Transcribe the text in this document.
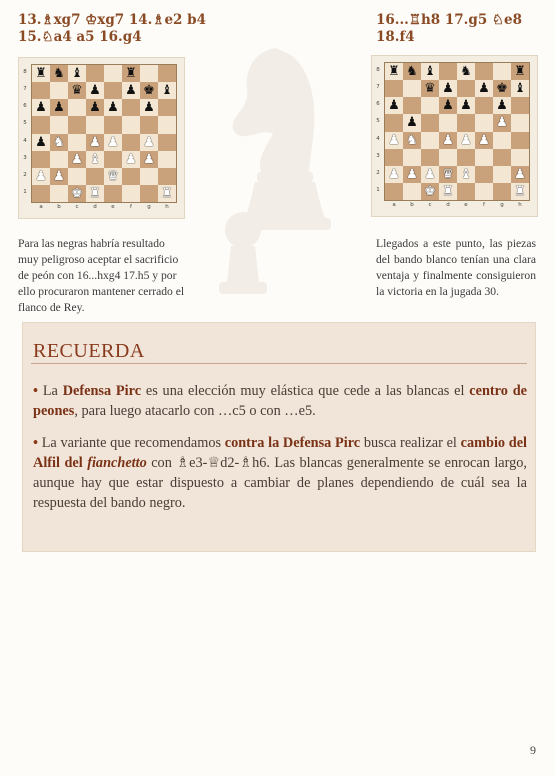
13.♗xg7 ♔xg7 14.♗e2 b4
15.♘a4 a5 16.g4
8
7
6
5
4
3
2
1
♜ ♞ ♝	♜
♛ ♟ ♟ ♚ ♝
♟ ♟ ♟ ♟ ♟
♟ ♞ ♟ ♟ ♟
♟ ♝ ♟ ♟
♟ ♟	♛
♚ ♜	♜
a	b	c	d	e	f	g	h
Para las negras habría resultado muy peligroso aceptar el sacrificio de peón con 16...hxg4 17.h5 y por ello procuraron mantener cerrado el flanco de Rey.
16...♖h8 17.g5 ♘e8
18.f4
8
7
6
5
4
3
2
1
♜ ♞ ♝ ♞	♜
♛ ♟ ♟ ♚ ♝
♟	♟ ♟ ♟
♟	♟
♟ ♞ ♟ ♟ ♟
♟ ♟ ♟ ♛ ♝	♟
♚ ♜	♜
a	b	c	d	e	f	g	h
Llegados a este punto, las piezas del bando blanco tenían una clara ventaja y finalmente consiguieron la victoria en la jugada 30.
RECUERDA
• La Defensa Pirc es una elección muy elástica que cede a las blancas el centro de peones, para luego atacarlo con …c5 o con …e5.
• La variante que recomendamos contra la Defensa Pirc busca realizar el cambio del Alfil del fianchetto con ♗e3-♕d2-♗h6. Las blancas generalmente se enrocan largo, aunque hay que estar dispuesto a cambiar de planes dependiendo de cuál sea la respuesta del bando negro.
9
